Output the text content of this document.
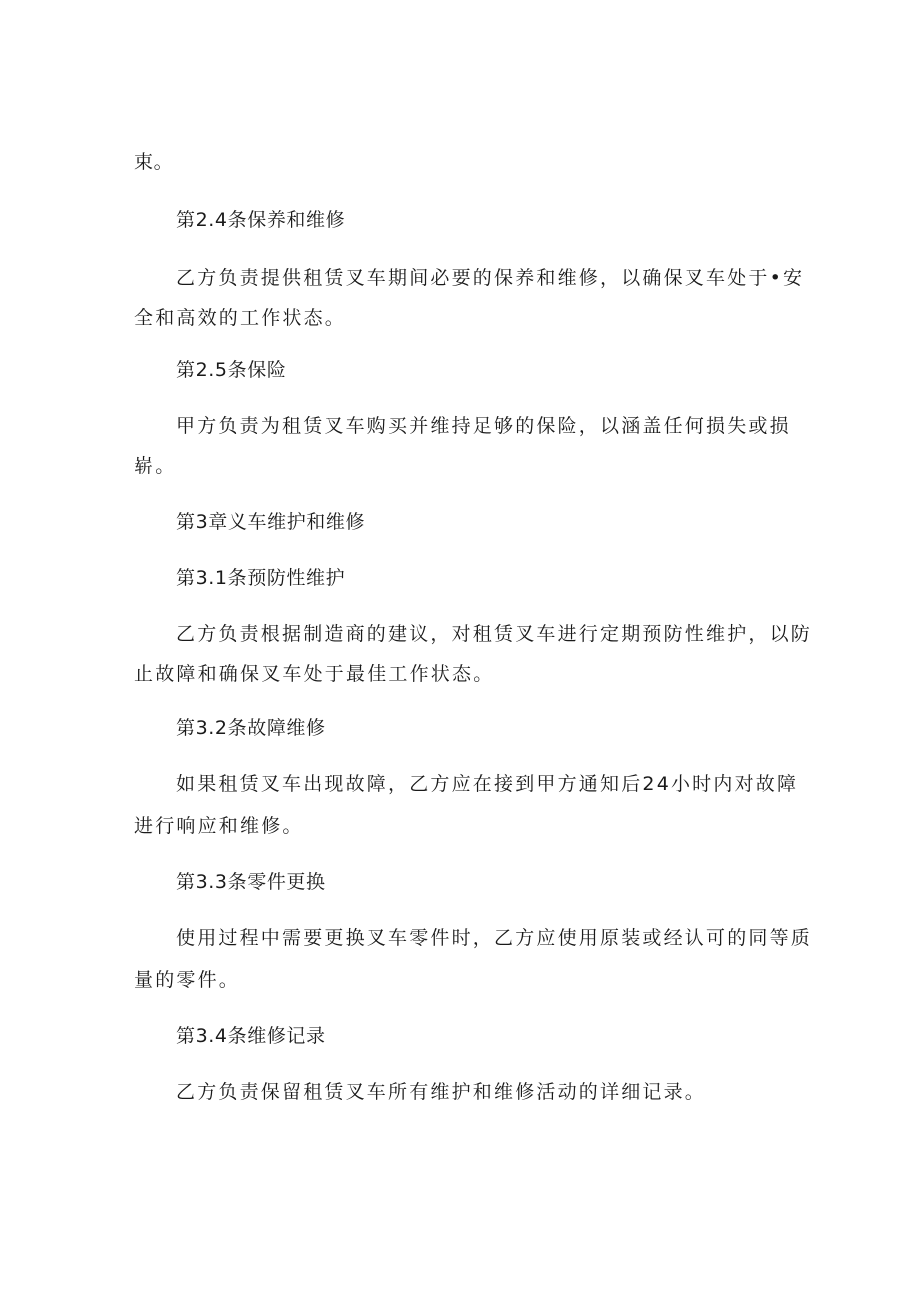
束。

第2.4条保养和维修

乙方负责提供租赁叉车期间必要的保养和维修，以确保叉车处于•安

全和高效的工作状态。

第2.5条保险

甲方负责为租赁叉车购买并维持足够的保险，以涵盖任何损失或损

崭。

第3章义车维护和维修

第3.1条预防性维护

乙方负责根据制造商的建议，对租赁叉车进行定期预防性维护，以防

止故障和确保叉车处于最佳工作状态。

第3.2条故障维修

如果租赁叉车出现故障，乙方应在接到甲方通知后24小时内对故障

进行响应和维修。

第3.3条零件更换

使用过程中需要更换叉车零件时，乙方应使用原装或经认可的同等质

量的零件。

第3.4条维修记录

乙方负责保留租赁叉车所有维护和维修活动的详细记录。
